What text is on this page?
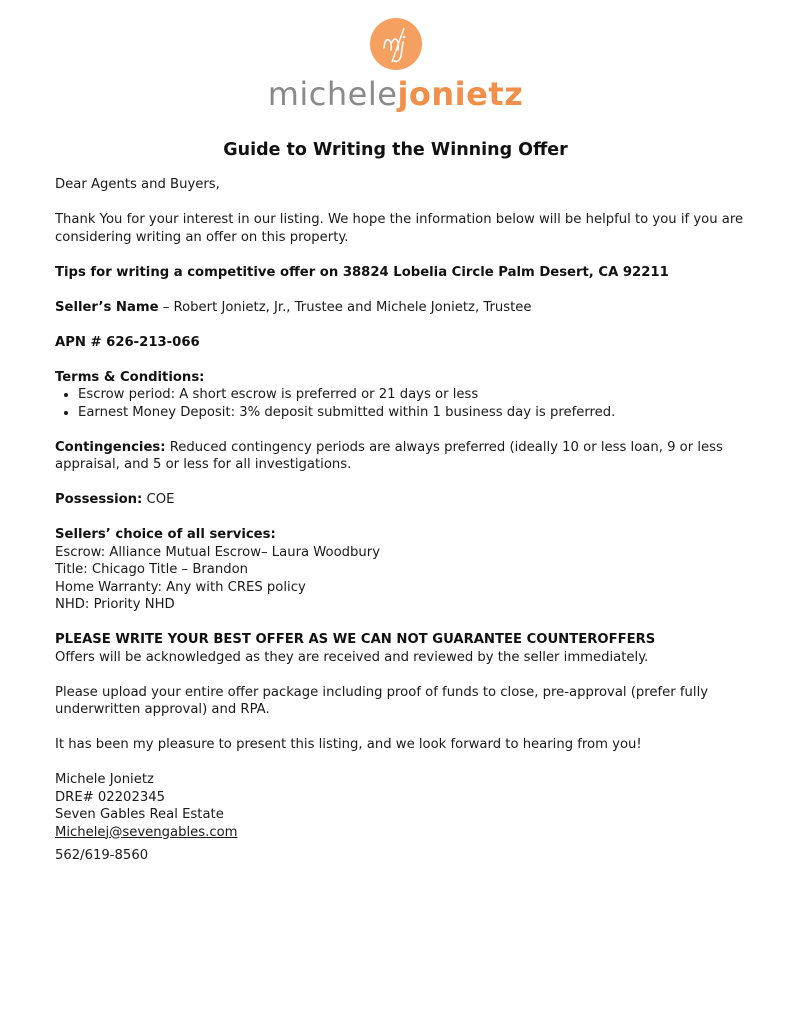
michelejonietz
Guide to Writing the Winning Offer

Dear Agents and Buyers,

Thank You for your interest in our listing. We hope the information below will be helpful to you if you are considering writing an offer on this property.

Tips for writing a competitive offer on 38824 Lobelia Circle Palm Desert, CA 92211

Seller’s Name – Robert Jonietz, Jr., Trustee and Michele Jonietz, Trustee

APN # 626-213-066

Terms & Conditions:

• Escrow period: A short escrow is preferred or 21 days or less
• Earnest Money Deposit: 3% deposit submitted within 1 business day is preferred.

Contingencies: Reduced contingency periods are always preferred (ideally 10 or less loan, 9 or less appraisal, and 5 or less for all investigations.

Possession: COE

Sellers’ choice of all services:

Escrow: Alliance Mutual Escrow– Laura Woodbury

Title: Chicago Title – Brandon

Home Warranty: Any with CRES policy

NHD: Priority NHD

PLEASE WRITE YOUR BEST OFFER AS WE CAN NOT GUARANTEE COUNTEROFFERS

Offers will be acknowledged as they are received and reviewed by the seller immediately.

Please upload your entire offer package including proof of funds to close, pre-approval (prefer fully underwritten approval) and RPA.

It has been my pleasure to present this listing, and we look forward to hearing from you!

Michele Jonietz

DRE# 02202345

Seven Gables Real Estate

Michelej@sevengables.com

562/619-8560
